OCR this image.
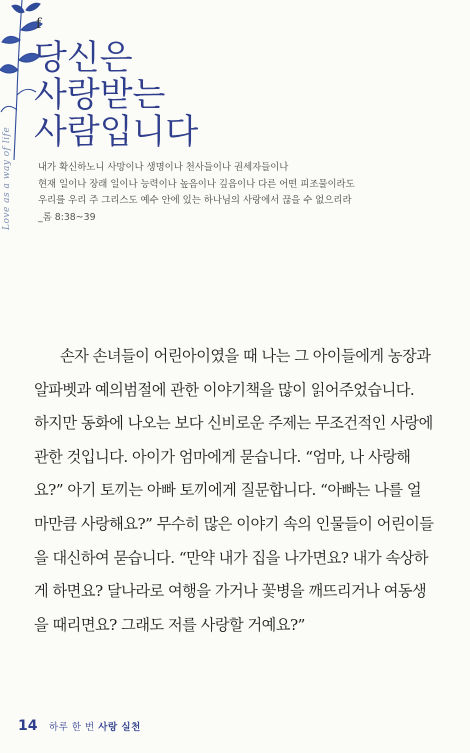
Love as a way of life
f
당신은
사랑받는
사람입니다
내가 확신하노니 사망이나 생명이나 천사들이나 권세자들이나
현재 일이나 장래 일이나 능력이나 높음이나 깊음이나 다른 어떤 피조물이라도
우리를 우리 주 그리스도 예수 안에 있는 하나님의 사랑에서 끊을 수 없으리라
_롬 8:38~39
손자 손녀들이 어린아이였을 때 나는 그 아이들에게 농장과
알파벳과 예의범절에 관한 이야기책을 많이 읽어주었습니다.
하지만 동화에 나오는 보다 신비로운 주제는 무조건적인 사랑에
관한 것입니다. 아이가 엄마에게 묻습니다. “엄마, 나 사랑해
요?” 아기 토끼는 아빠 토끼에게 질문합니다. “아빠는 나를 얼
마만큼 사랑해요?” 무수히 많은 이야기 속의 인물들이 어린이들
을 대신하여 묻습니다. “만약 내가 집을 나가면요? 내가 속상하
게 하면요? 달나라로 여행을 가거나 꽃병을 깨뜨리거나 여동생
을 때리면요? 그래도 저를 사랑할 거예요?”
14 하루 한 번 사랑 실천
